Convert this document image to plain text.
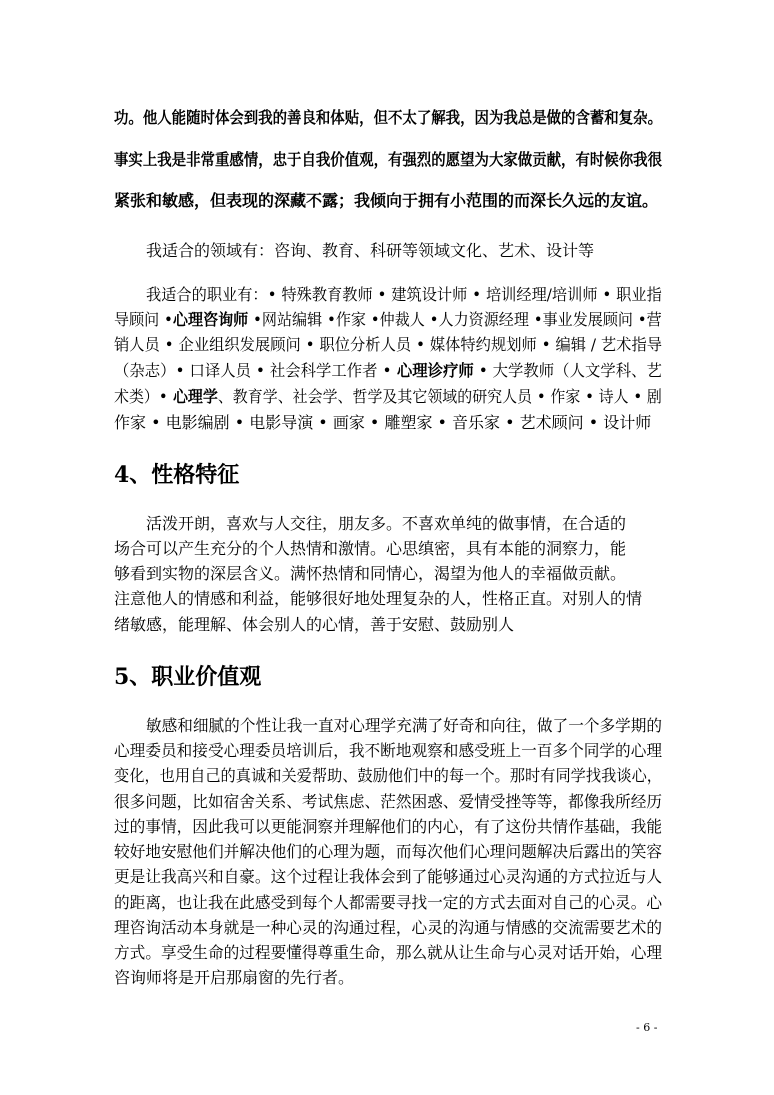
功。他人能随时体会到我的善良和体贴，但不太了解我，因为我总是做的含蓄和复杂。
事实上我是非常重感情，忠于自我价值观，有强烈的愿望为大家做贡献，有时候你我很
紧张和敏感，但表现的深藏不露；我倾向于拥有小范围的而深长久远的友谊。
我适合的领域有：咨询、教育、科研等领域文化、艺术、设计等
我适合的职业有：• 特殊教育教师 • 建筑设计师 • 培训经理/培训师 • 职业指
导顾问 •心理咨询师 •网站编辑 •作家 •仲裁人 •人力资源经理 •事业发展顾问 •营
销人员 • 企业组织发展顾问 • 职位分析人员 • 媒体特约规划师 • 编辑 / 艺术指导
（杂志）• 口译人员 • 社会科学工作者 • 心理诊疗师 • 大学教师（人文学科、艺
术类）• 心理学、教育学、社会学、哲学及其它领域的研究人员 • 作家 • 诗人 • 剧
作家 • 电影编剧 • 电影导演 • 画家 • 雕塑家 • 音乐家 • 艺术顾问 • 设计师
4、性格特征
活泼开朗，喜欢与人交往，朋友多。不喜欢单纯的做事情，在合适的
场合可以产生充分的个人热情和激情。心思缜密，具有本能的洞察力，能
够看到实物的深层含义。满怀热情和同情心，渴望为他人的幸福做贡献。
注意他人的情感和利益，能够很好地处理复杂的人，性格正直。对别人的情
绪敏感，能理解、体会别人的心情，善于安慰、鼓励别人
5、职业价值观
敏感和细腻的个性让我一直对心理学充满了好奇和向往，做了一个多学期的
心理委员和接受心理委员培训后，我不断地观察和感受班上一百多个同学的心理
变化，也用自己的真诚和关爱帮助、鼓励他们中的每一个。那时有同学找我谈心，
很多问题，比如宿舍关系、考试焦虑、茫然困惑、爱情受挫等等，都像我所经历
过的事情，因此我可以更能洞察并理解他们的内心，有了这份共情作基础，我能
较好地安慰他们并解决他们的心理为题，而每次他们心理问题解决后露出的笑容
更是让我高兴和自豪。这个过程让我体会到了能够通过心灵沟通的方式拉近与人
的距离，也让我在此感受到每个人都需要寻找一定的方式去面对自己的心灵。心
理咨询活动本身就是一种心灵的沟通过程，心灵的沟通与情感的交流需要艺术的
方式。享受生命的过程要懂得尊重生命，那么就从让生命与心灵对话开始，心理
咨询师将是开启那扇窗的先行者。
- 6 -
